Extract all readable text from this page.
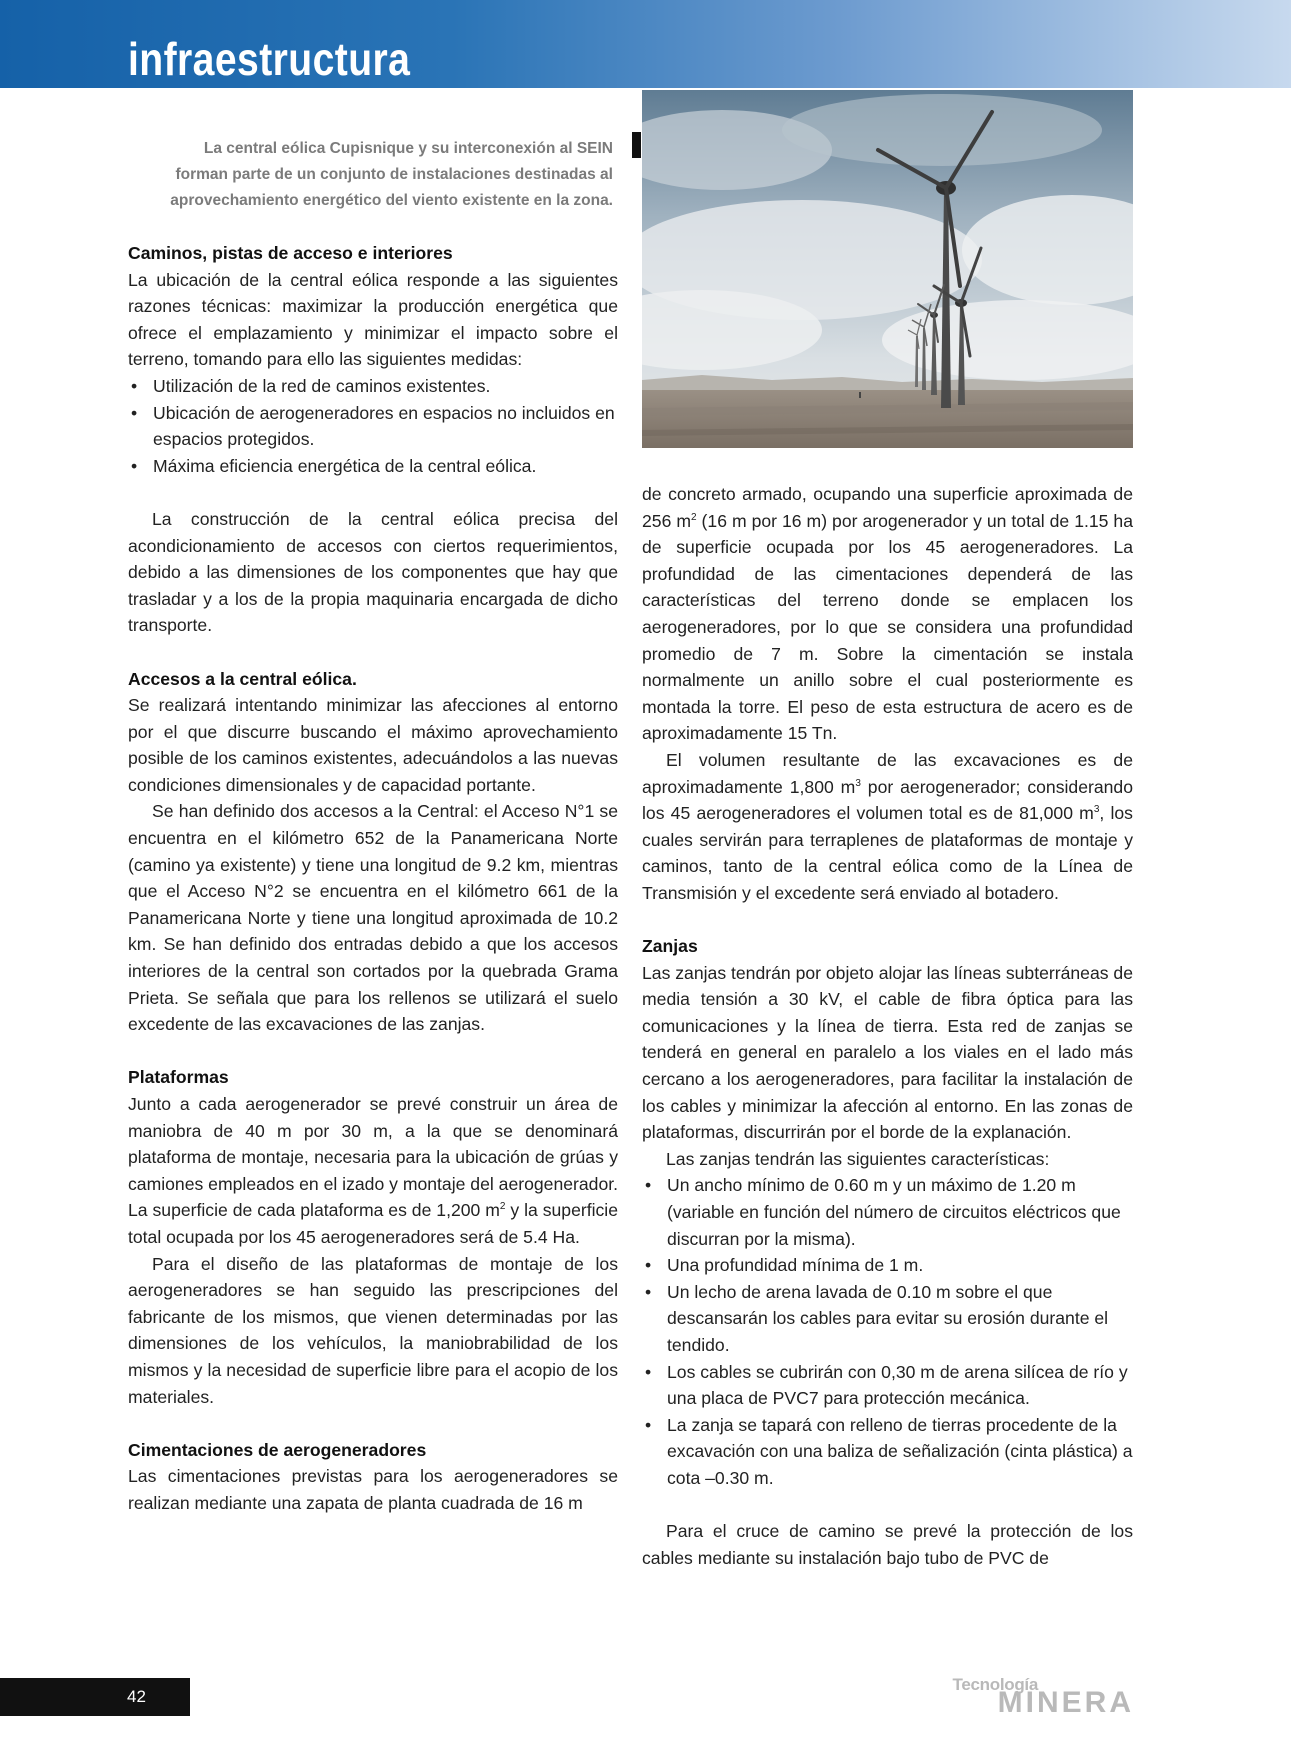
infraestructura

La central eólica Cupisnique y su interconexión al SEIN

forman parte de un conjunto de instalaciones destinadas al

aprovechamiento energético del viento existente en la zona.

Caminos, pistas de acceso e interiores

La ubicación de la central eólica responde a las siguientes razones técnicas: maximizar la producción energética que ofrece el emplazamiento y minimizar el impacto sobre el terreno, tomando para ello las siguientes medidas:

• Utilización de la red de caminos existentes.
• Ubicación de aerogeneradores en espacios no incluidos en espacios protegidos.
• Máxima eficiencia energética de la central eólica.

La construcción de la central eólica precisa del acondicionamiento de accesos con ciertos requerimientos, debido a las dimensiones de los componentes que hay que trasladar y a los de la propia maquinaria encargada de dicho transporte.

Accesos a la central eólica.

Se realizará intentando minimizar las afecciones al entorno por el que discurre buscando el máximo aprovechamiento posible de los caminos existentes, adecuándolos a las nuevas condiciones dimensionales y de capacidad portante.

Se han definido dos accesos a la Central: el Acceso N°1 se encuentra en el kilómetro 652 de la Panamericana Norte (camino ya existente) y tiene una longitud de 9.2 km, mientras que el Acceso N°2 se encuentra en el kilómetro 661 de la Panamericana Norte y tiene una longitud aproximada de 10.2 km. Se han definido dos entradas debido a que los accesos interiores de la central son cortados por la quebrada Grama Prieta. Se señala que para los rellenos se utilizará el suelo excedente de las excavaciones de las zanjas.

Plataformas

Junto a cada aerogenerador se prevé construir un área de maniobra de 40 m por 30 m, a la que se denominará plataforma de montaje, necesaria para la ubicación de grúas y camiones empleados en el izado y montaje del aerogenerador. La superficie de cada plataforma es de 1,200 $m^2$ y la superficie total ocupada por los 45 aerogeneradores será de 5.4 Ha.

Para el diseño de las plataformas de montaje de los aerogeneradores se han seguido las prescripciones del fabricante de los mismos, que vienen determinadas por las dimensiones de los vehículos, la maniobrabilidad de los mismos y la necesidad de superficie libre para el acopio de los materiales.

Cimentaciones de aerogeneradores

Las cimentaciones previstas para los aerogeneradores se realizan mediante una zapata de planta cuadrada de 16 m

de concreto armado, ocupando una superficie aproximada de 256 $m^2$ (16 m por 16 m) por arogenerador y un total de 1.15 ha de superficie ocupada por los 45 aerogeneradores. La profundidad de las cimentaciones dependerá de las características del terreno donde se emplacen los aerogeneradores, por lo que se considera una profundidad promedio de 7 m. Sobre la cimentación se instala normalmente un anillo sobre el cual posteriormente es montada la torre. El peso de esta estructura de acero es de aproximadamente 15 Tn.

El volumen resultante de las excavaciones es de aproximadamente 1,800 $m^3$ por aerogenerador; considerando los 45 aerogeneradores el volumen total es de 81,000 $m^3$, los cuales servirán para terraplenes de plataformas de montaje y caminos, tanto de la central eólica como de la Línea de Transmisión y el excedente será enviado al botadero.

Zanjas

Las zanjas tendrán por objeto alojar las líneas subterráneas de media tensión a 30 kV, el cable de fibra óptica para las comunicaciones y la línea de tierra. Esta red de zanjas se tenderá en general en paralelo a los viales en el lado más cercano a los aerogeneradores, para facilitar la instalación de los cables y minimizar la afección al entorno. En las zonas de plataformas, discurrirán por el borde de la explanación.

Las zanjas tendrán las siguientes características:

• Un ancho mínimo de 0.60 m y un máximo de 1.20 m (variable en función del número de circuitos eléctricos que discurran por la misma).
• Una profundidad mínima de 1 m.
• Un lecho de arena lavada de 0.10 m sobre el que descansarán los cables para evitar su erosión durante el tendido.
• Los cables se cubrirán con 0,30 m de arena silícea de río y una placa de PVC7 para protección mecánica.
• La zanja se tapará con relleno de tierras procedente de la excavación con una baliza de señalización (cinta plástica) a cota –0.30 m.

Para el cruce de camino se prevé la protección de los cables mediante su instalación bajo tubo de PVC de

42
Tecnología
MINERA
